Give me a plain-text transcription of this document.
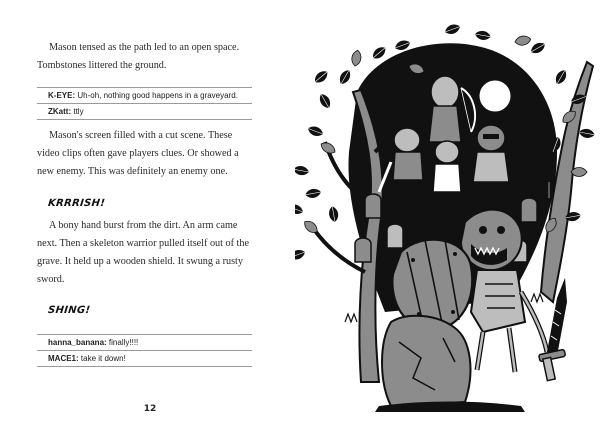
Mason tensed as the path led to an open space. Tombstones littered the ground.

K-EYE: Uh-oh, nothing good happens in a graveyard.
ZKatt: ttly

Mason's screen filled with a cut scene. These video clips often gave players clues. Or showed a new enemy. This was definitely an enemy one.

KRRRISH!

A bony hand burst from the dirt. An arm came next. Then a skeleton warrior pulled itself out of the grave. It held up a wooden shield. It swung a rusty sword.

SHING!
hanna_banana: finally!!!!
MACE1: take it down!
12
